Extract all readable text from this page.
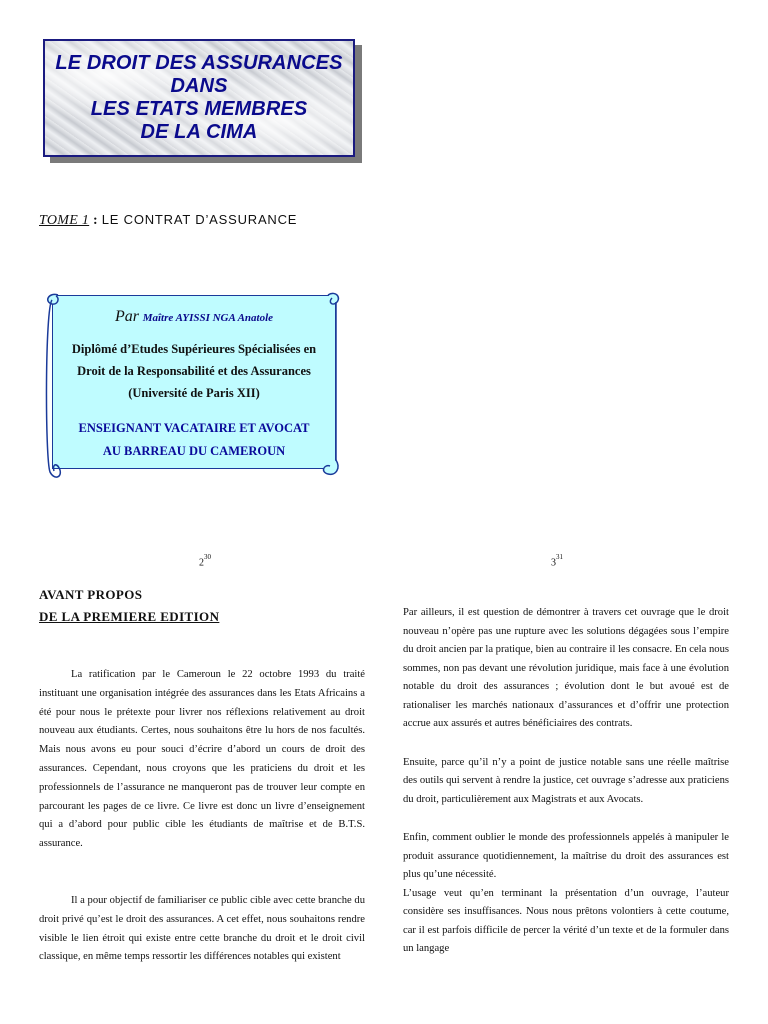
LE DROIT DES ASSURANCES
DANS
LES ETATS MEMBRES
DE LA CIMA
TOME 1 : LE CONTRAT D’ASSURANCE
Par Maître AYISSI NGA Anatole
Diplômé d’Etudes Supérieures Spécialisées en
Droit de la Responsabilité et des Assurances
(Université de Paris XII)
ENSEIGNANT VACATAIRE ET AVOCAT
AU BARREAU DU CAMEROUN
$2^{30}$
$3^{31}$
AVANT PROPOS
DE LA PREMIERE EDITION

La ratification par le Cameroun le 22 octobre 1993 du traité instituant une organisation intégrée des assurances dans les Etats Africains a été pour nous le prétexte pour livrer nos réflexions relativement au droit nouveau aux étudiants. Certes, nous souhaitons être lu hors de nos facultés. Mais nous avons eu pour souci d’écrire d’abord un cours de droit des assurances. Cependant, nous croyons que les praticiens du droit et les professionnels de l’assurance ne manqueront pas de trouver leur compte en parcourant les pages de ce livre. Ce livre est donc un livre d’enseignement qui a d’abord pour public cible les étudiants de maîtrise et de B.T.S. assurance.

Il a pour objectif de familiariser ce public cible avec cette branche du droit privé qu’est le droit des assurances. A cet effet, nous souhaitons rendre visible le lien étroit qui existe entre cette branche du droit et le droit civil classique, en même temps ressortir les différences notables qui existent

Par ailleurs, il est question de démontrer à travers cet ouvrage que le droit nouveau n’opère pas une rupture avec les solutions dégagées sous l’empire du droit ancien par la pratique, bien au contraire il les consacre. En cela nous sommes, non pas devant une révolution juridique, mais face à une évolution notable du droit des assurances ; évolution dont le but avoué est de rationaliser les marchés nationaux d’assurances et d’offrir une protection accrue aux assurés et autres bénéficiaires des contrats.

Ensuite, parce qu’il n’y a point de justice notable sans une réelle maîtrise des outils qui servent à rendre la justice, cet ouvrage s’adresse aux praticiens du droit, particulièrement aux Magistrats et aux Avocats.

Enfin, comment oublier le monde des professionnels appelés à manipuler le produit assurance quotidiennement, la maîtrise du droit des assurances est plus qu’une nécessité.

L’usage veut qu’en terminant la présentation d’un ouvrage, l’auteur considère ses insuffisances. Nous nous prêtons volontiers à cette coutume, car il est parfois difficile de percer la vérité d’un texte et de la formuler dans un langage
